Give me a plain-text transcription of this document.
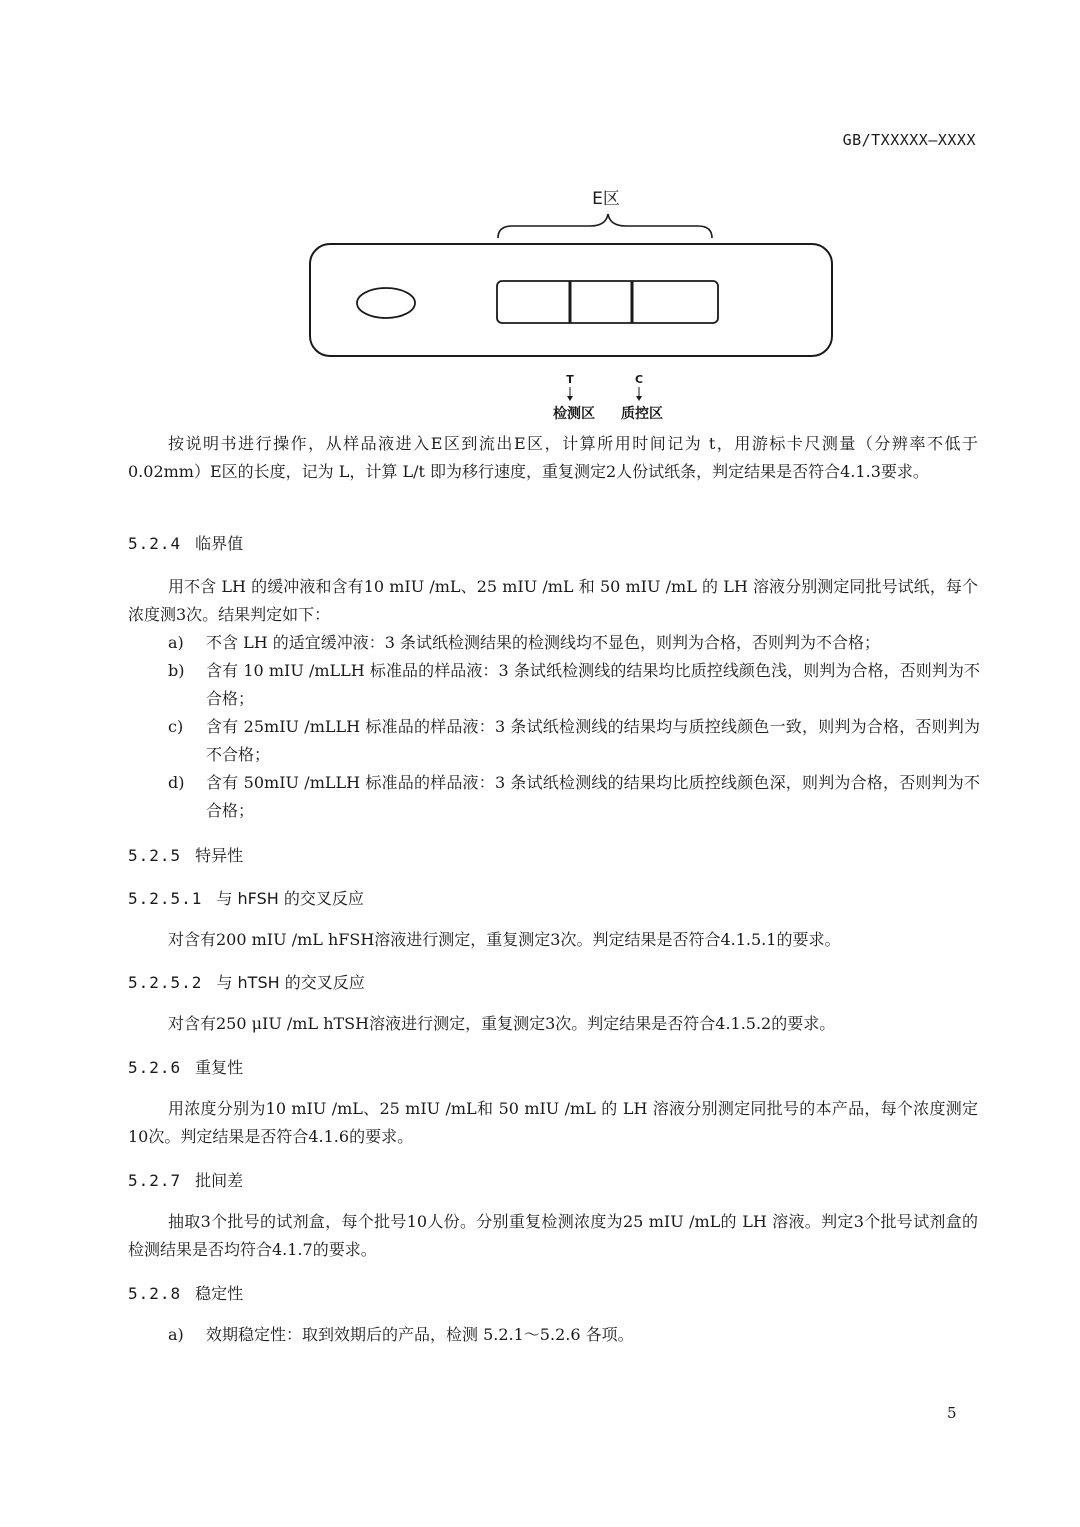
GB/TXXXXX—XXXX
E区
T	C
检测区 质控区
按说明书进行操作，从样品液进入E区到流出E区，计算所用时间记为 t，用游标卡尺测量（分辨率不低于0.02mm）E区的长度，记为 L，计算 L/t 即为移行速度，重复测定2人份试纸条，判定结果是否符合4.1.3要求。
5.2.4 临界值
用不含 LH 的缓冲液和含有10 mIU /mL、25 mIU /mL 和 50 mIU /mL 的 LH 溶液分别测定同批号试纸，每个浓度测3次。结果判定如下：
a)	不含 LH 的适宜缓冲液：3 条试纸检测结果的检测线均不显色，则判为合格，否则判为不合格；
b)	含有 10 mIU /mLLH 标准品的样品液：3 条试纸检测线的结果均比质控线颜色浅，则判为合格，否则判为不合格；
c)	含有 25mIU /mLLH 标准品的样品液：3 条试纸检测线的结果均与质控线颜色一致，则判为合格，否则判为不合格；
d)	含有 50mIU /mLLH 标准品的样品液：3 条试纸检测线的结果均比质控线颜色深，则判为合格，否则判为不合格；
5.2.5 特异性
5.2.5.1 与 hFSH 的交叉反应
对含有200 mIU /mL hFSH溶液进行测定，重复测定3次。判定结果是否符合4.1.5.1的要求。
5.2.5.2 与 hTSH 的交叉反应
对含有250 μIU /mL hTSH溶液进行测定，重复测定3次。判定结果是否符合4.1.5.2的要求。
5.2.6 重复性
用浓度分别为10 mIU /mL、25 mIU /mL和 50 mIU /mL 的 LH 溶液分别测定同批号的本产品，每个浓度测定10次。判定结果是否符合4.1.6的要求。
5.2.7 批间差
抽取3个批号的试剂盒，每个批号10人份。分别重复检测浓度为25 mIU /mL的 LH 溶液。判定3个批号试剂盒的检测结果是否均符合4.1.7的要求。
5.2.8 稳定性
a)	效期稳定性：取到效期后的产品，检测 5.2.1～5.2.6 各项。
5
